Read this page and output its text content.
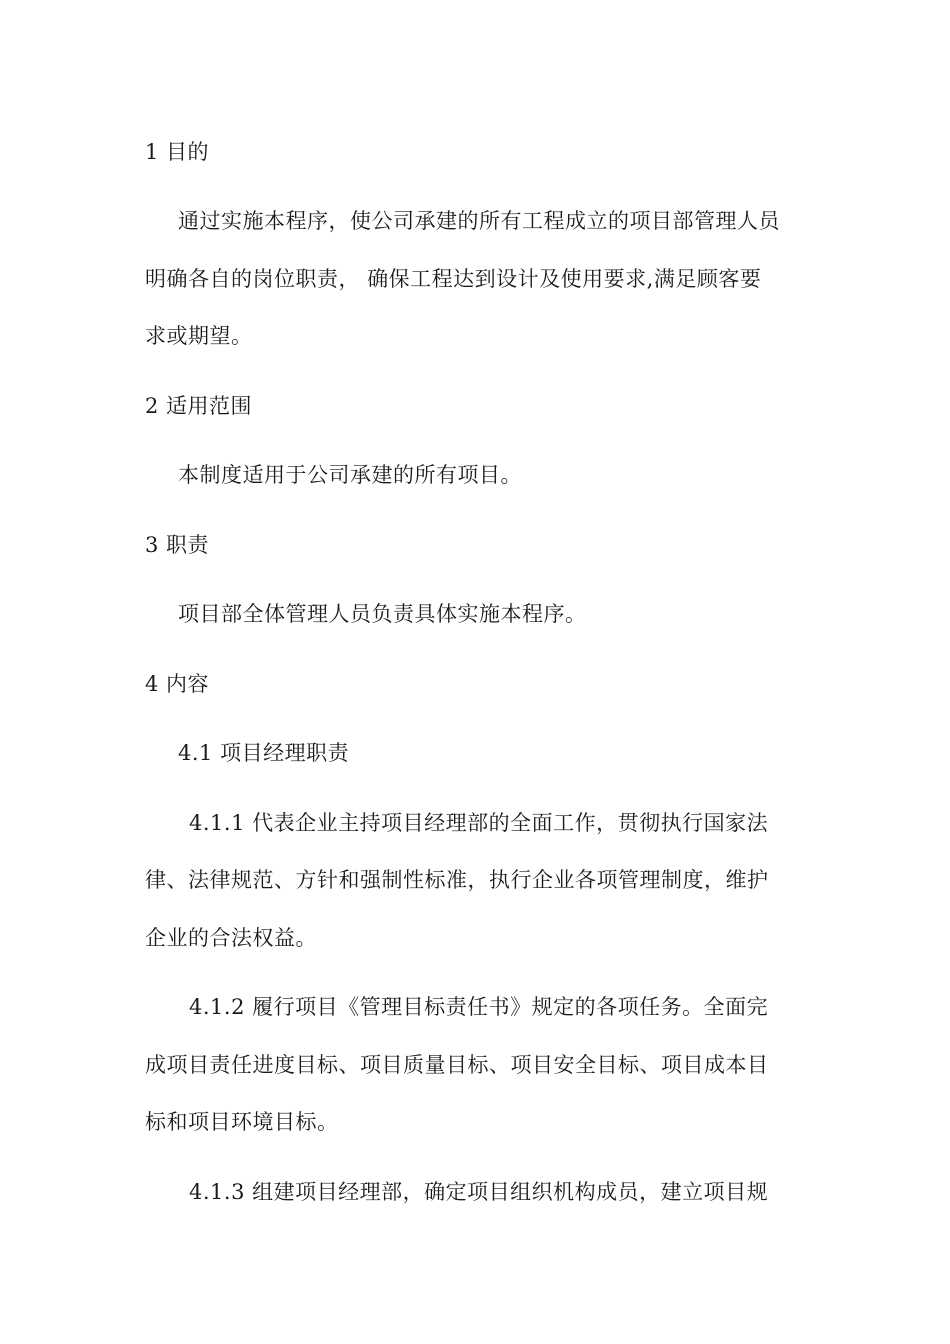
1 目的
通过实施本程序，使公司承建的所有工程成立的项目部管理人员
明确各自的岗位职责， 确保工程达到设计及使用要求,满足顾客要
求或期望。
2 适用范围
本制度适用于公司承建的所有项目。
3 职责
项目部全体管理人员负责具体实施本程序。
4 内容
4.1 项目经理职责
4.1.1 代表企业主持项目经理部的全面工作，贯彻执行国家法
律、法律规范、方针和强制性标准，执行企业各项管理制度，维护
企业的合法权益。
4.1.2 履行项目《管理目标责任书》规定的各项任务。全面完
成项目责任进度目标、项目质量目标、项目安全目标、项目成本目
标和项目环境目标。
4.1.3 组建项目经理部，确定项目组织机构成员，建立项目规
